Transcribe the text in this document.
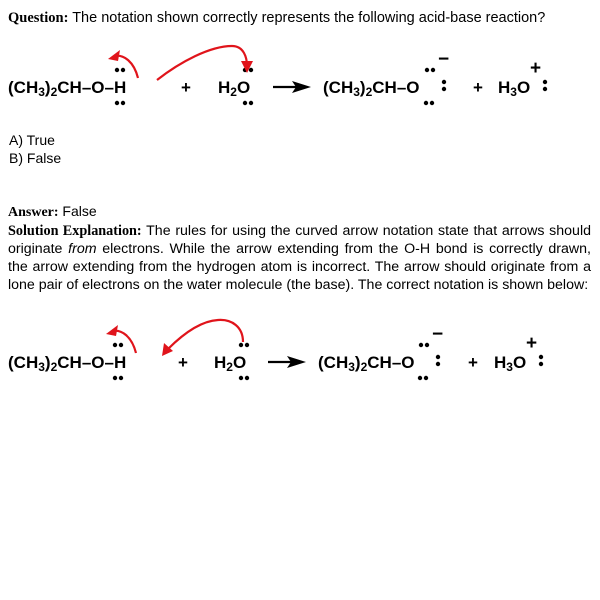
Question: The notation shown correctly represents the following acid-base reaction?
(CH3)2CH–O–H	+ H2O	(CH3)2CH–O	+ H3O
−	+
A) True
B) False
Answer: False
Solution Explanation: The rules for using the curved arrow notation state that arrows should originate from electrons. While the arrow extending from the O-H bond is correctly drawn, the arrow extending from the hydrogen atom is incorrect. The arrow should originate from a lone pair of electrons on the water molecule (the base). The correct notation is shown below:
(CH3)2CH–O–H	+ H2O	(CH3)2CH–O	+ H3O
−	+
